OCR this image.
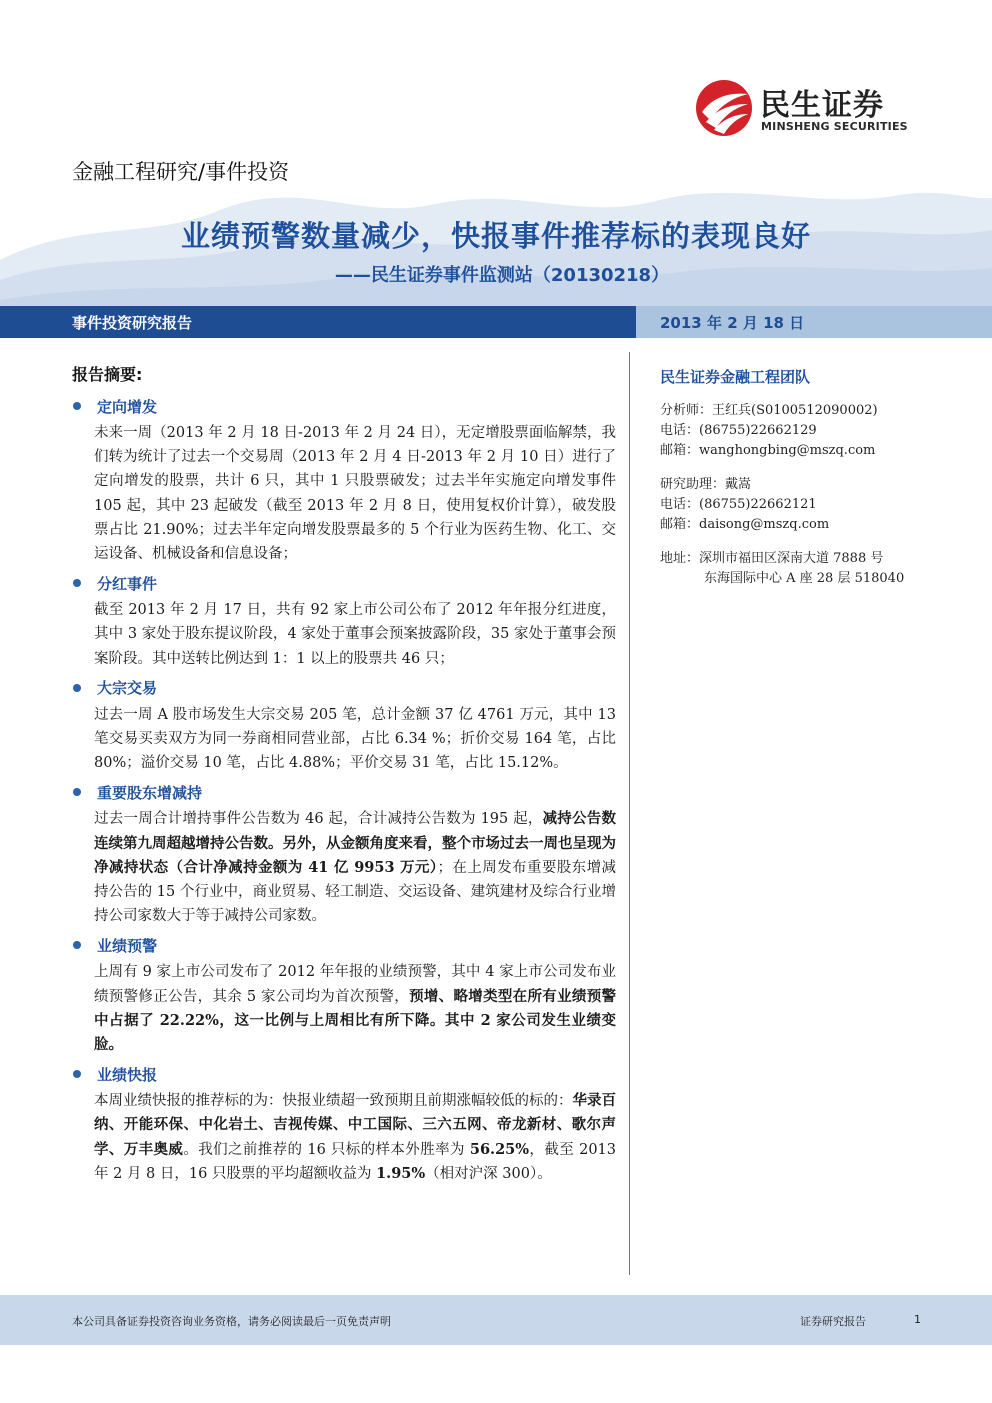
民生证券
MINSHENG SECURITIES
金融工程研究/事件投资
业绩预警数量减少，快报事件推荐标的表现良好
——民生证券事件监测站（20130218）
事件投资研究报告	2013 年 2 月 18 日
报告摘要:
定向增发
未来一周（2013 年 2 月 18 日-2013 年 2 月 24 日），无定增股票面临解禁，我们转为统计了过去一个交易周（2013 年 2 月 4 日-2013 年 2 月 10 日）进行了定向增发的股票，共计 6 只，其中 1 只股票破发；过去半年实施定向增发事件 105 起，其中 23 起破发（截至 2013 年 2 月 8 日，使用复权价计算），破发股票占比 21.90%；过去半年定向增发股票最多的 5 个行业为医药生物、化工、交运设备、机械设备和信息设备；
分红事件
截至 2013 年 2 月 17 日，共有 92 家上市公司公布了 2012 年年报分红进度，其中 3 家处于股东提议阶段，4 家处于董事会预案披露阶段，35 家处于董事会预案阶段。其中送转比例达到 1：1 以上的股票共 46 只；
大宗交易
过去一周 A 股市场发生大宗交易 205 笔，总计金额 37 亿 4761 万元，其中 13 笔交易买卖双方为同一券商相同营业部，占比 6.34 %；折价交易 164 笔，占比 80%；溢价交易 10 笔，占比 4.88%；平价交易 31 笔，占比 15.12%。
重要股东增减持
过去一周合计增持事件公告数为 46 起，合计减持公告数为 195 起，减持公告数连续第九周超越增持公告数。另外，从金额角度来看，整个市场过去一周也呈现为净减持状态（合计净减持金额为 41 亿 9953 万元）；在上周发布重要股东增减持公告的 15 个行业中，商业贸易、轻工制造、交运设备、建筑建材及综合行业增持公司家数大于等于减持公司家数。
业绩预警
上周有 9 家上市公司发布了 2012 年年报的业绩预警，其中 4 家上市公司发布业绩预警修正公告，其余 5 家公司均为首次预警，预增、略增类型在所有业绩预警中占据了 22.22%，这一比例与上周相比有所下降。其中 2 家公司发生业绩变脸。
业绩快报
本周业绩快报的推荐标的为：快报业绩超一致预期且前期涨幅较低的标的：华录百纳、开能环保、中化岩土、吉视传媒、中工国际、三六五网、帝龙新材、歌尔声学、万丰奥威。我们之前推荐的 16 只标的样本外胜率为 56.25%，截至 2013 年 2 月 8 日，16 只股票的平均超额收益为 1.95%（相对沪深 300）。
民生证券金融工程团队
分析师：王红兵(S0100512090002)
电话：(86755)22662129
邮箱：wanghongbing@mszq.com
研究助理：戴嵩
电话：(86755)22662121
邮箱：daisong@mszq.com
地址：深圳市福田区深南大道 7888 号
东海国际中心 A 座 28 层 518040
本公司具备证券投资咨询业务资格，请务必阅读最后一页免责声明	证券研究报告	1
